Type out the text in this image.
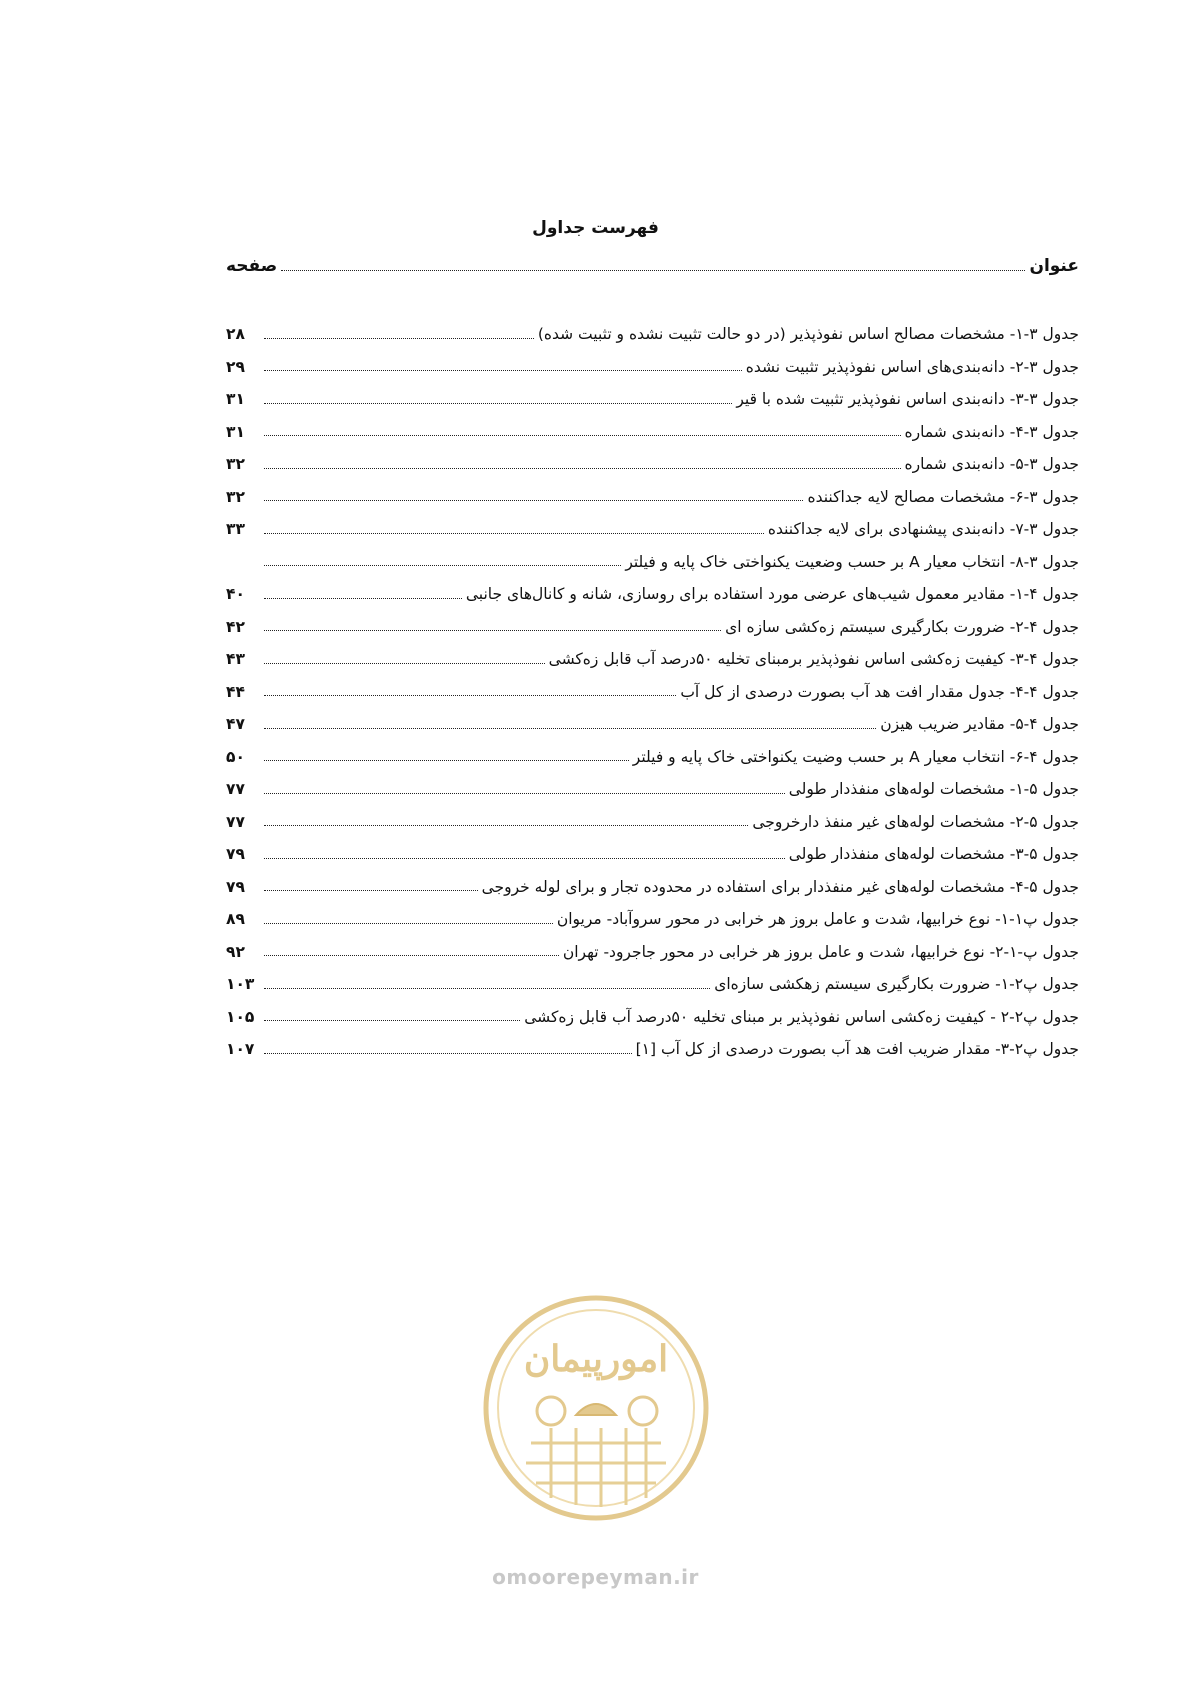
فهرست جداول
عنوان
صفحه
جدول ۳-۱- مشخصات مصالح اساس نفوذپذیر (در دو حالت تثبیت نشده و تثبیت شده)
۲۸
جدول ۳-۲- دانه‌بندی‌های اساس نفوذپذیر تثبیت نشده
۲۹
جدول ۳-۳- دانه‌بندی اساس نفوذپذیر تثبیت شده با قیر
۳۱
جدول ۳-۴- دانه‌بندی شماره
۳۱
جدول ۳-۵- دانه‌بندی شماره
۳۲
جدول ۳-۶- مشخصات مصالح لایه جداکننده
۳۲
جدول ۳-۷- دانه‌بندی پیشنهادی برای لایه جداکننده
۳۳
جدول ۳-۸- انتخاب معیار A بر حسب وضعیت یکنواختی خاک پایه و فیلتر
جدول ۴-۱- مقادیر معمول شیب‌های عرضی مورد استفاده برای روسازی، شانه و کانال‌های جانبی
۴۰
جدول ۴-۲- ضرورت بکارگیری سیستم زه‌کشی سازه ای
۴۲
جدول ۴-۳- کیفیت زه‌کشی اساس نفوذپذیر برمبنای تخلیه ۵۰درصد آب قابل زه‌کشی
۴۳
جدول ۴-۴- جدول مقدار افت هد آب بصورت درصدی از کل آب
۴۴
جدول ۴-۵- مقادیر ضریب هیزن
۴۷
جدول ۴-۶- انتخاب معیار A بر حسب وضیت یکنواختی خاک پایه و فیلتر
۵۰
جدول ۵-۱- مشخصات لوله‌های منفذدار طولی
۷۷
جدول ۵-۲- مشخصات لوله‌های غیر منفذ دارخروجی
۷۷
جدول ۵-۳- مشخصات لوله‌های منفذدار طولی
۷۹
جدول ۵-۴- مشخصات لوله‌های غیر منفذدار برای استفاده در محدوده تجار و برای لوله خروجی
۷۹
جدول پ۱-۱- نوع خرابیها، شدت و عامل بروز هر خرابی در محور سروآباد- مریوان
۸۹
جدول پ-۱-۲- نوع خرابیها، شدت و عامل بروز هر خرابی در محور جاجرود- تهران
۹۲
جدول پ۲-۱- ضرورت بکارگیری سیستم زهکشی سازه‌ای
۱۰۳
جدول پ۲-۲ - کیفیت زه‌کشی اساس نفوذپذیر بر مبنای تخلیه ۵۰درصد آب قابل زه‌کشی
۱۰۵
جدول پ۲-۳- مقدار ضریب افت هد آب بصورت درصدی از کل آب [۱]
۱۰۷
امورپیمان
omoorepeyman.ir
